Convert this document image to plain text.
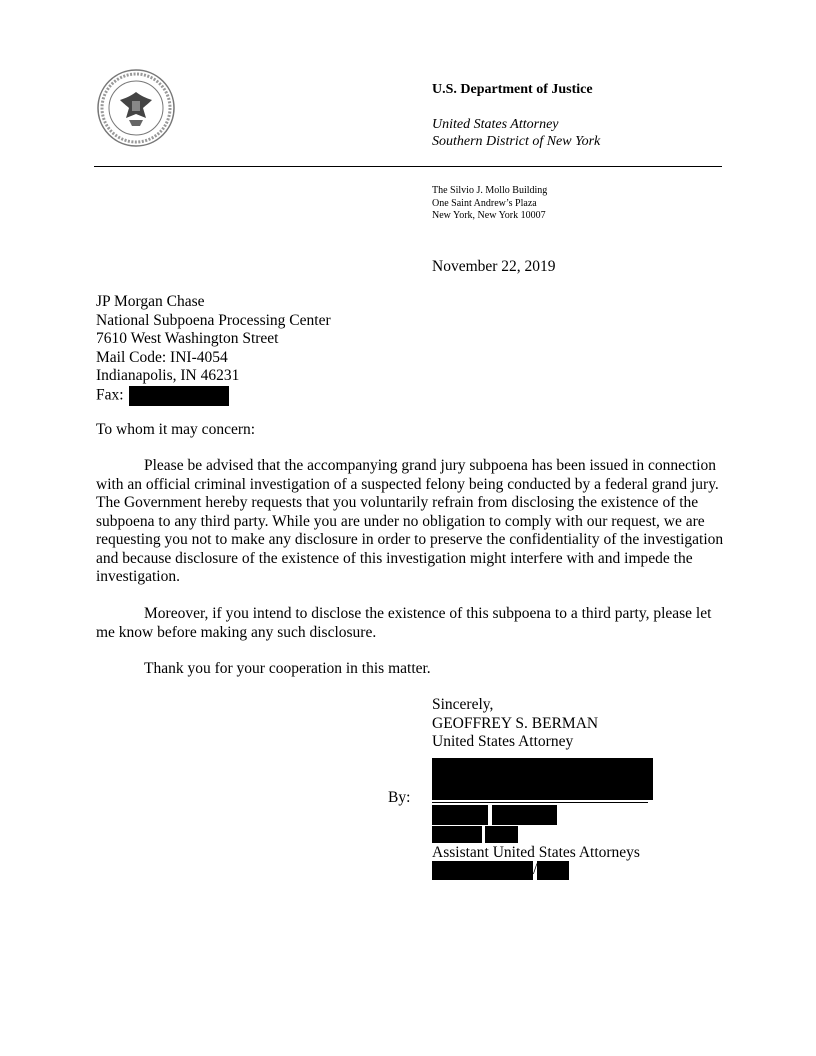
U.S. Department of Justice
United States Attorney
Southern District of New York
The Silvio J. Mollo Building
One Saint Andrew’s Plaza
New York, New York 10007
November 22, 2019
JP Morgan Chase
National Subpoena Processing Center
7610 West Washington Street
Mail Code: INI-4054
Indianapolis, IN 46231
Fax:
To whom it may concern:
Please be advised that the accompanying grand jury subpoena has been issued in connection with an official criminal investigation of a suspected felony being conducted by a federal grand jury. The Government hereby requests that you voluntarily refrain from disclosing the existence of the subpoena to any third party. While you are under no obligation to comply with our request, we are requesting you not to make any disclosure in order to preserve the confidentiality of the investigation and because disclosure of the existence of this investigation might interfere with and impede the investigation.
Moreover, if you intend to disclose the existence of this subpoena to a third party, please let me know before making any such disclosure.
Thank you for your cooperation in this matter.
Sincerely,
GEOFFREY S. BERMAN
United States Attorney
By:
Assistant United States Attorneys
/
